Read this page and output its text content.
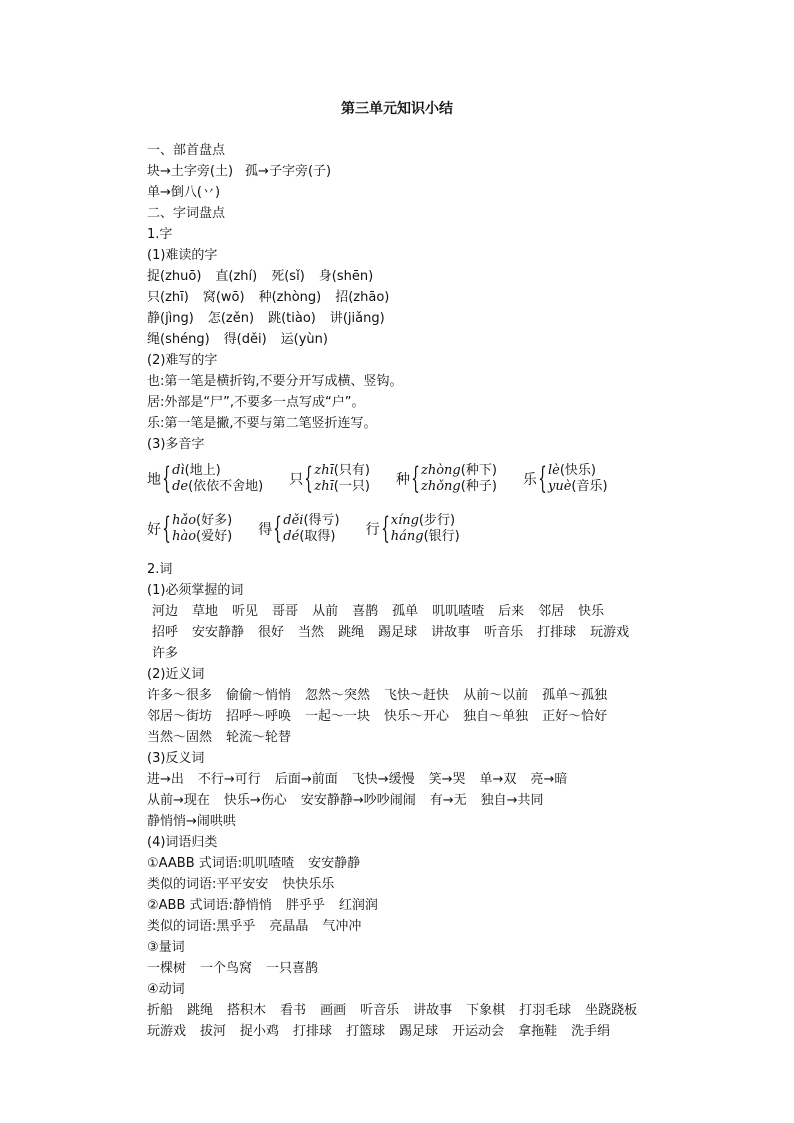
第三单元知识小结
一、部首盘点
块→土字旁(土) 孤→子字旁(子)
单→倒八(丷)
二、字词盘点
1.字
(1)难读的字
捉(zhuō) 直(zhí) 死(sǐ) 身(shēn)
只(zhī) 窝(wō) 种(zhòng) 招(zhāo)
静(jìng) 怎(zěn) 跳(tiào) 讲(jiǎng)
绳(shéng) 得(děi) 运(yùn)
(2)难写的字
也:第一笔是横折钩,不要分开写成横、竖钩。
居:外部是“尸”,不要多一点写成“户”。
乐:第一笔是撇,不要与第二笔竖折连写。
(3)多音字
地 { dì(地上)
de(依依不舍地) 只 { zhī(只有)
zhī(一只) 种 { zhòng(种下)
zhǒng(种子) 乐 { lè(快乐)
yuè(音乐)
好 { hǎo(好多)
hào(爱好) 得 { děi(得亏)
dé(取得) 行 { xíng(步行)
háng(银行)
2.词
(1)必须掌握的词
河边 草地 听见 哥哥 从前 喜鹊 孤单 叽叽喳喳 后来 邻居 快乐
招呼 安安静静 很好 当然 跳绳 踢足球 讲故事 听音乐 打排球 玩游戏
许多
(2)近义词
许多～很多 偷偷～悄悄 忽然～突然 飞快～赶快 从前～以前 孤单～孤独
邻居～街坊 招呼～呼唤 一起～一块 快乐～开心 独自～单独 正好～恰好
当然～固然 轮流～轮替
(3)反义词
进→出 不行→可行 后面→前面 飞快→缓慢 笑→哭 单→双 亮→暗
从前→现在 快乐→伤心 安安静静→吵吵闹闹 有→无 独自→共同
静悄悄→闹哄哄
(4)词语归类
①AABB 式词语:叽叽喳喳 安安静静
类似的词语:平平安安 快快乐乐
②ABB 式词语:静悄悄 胖乎乎 红润润
类似的词语:黑乎乎 亮晶晶 气冲冲
③量词
一棵树 一个鸟窝 一只喜鹊
④动词
折船 跳绳 搭积木 看书 画画 听音乐 讲故事 下象棋 打羽毛球 坐跷跷板
玩游戏 拔河 捉小鸡 打排球 打篮球 踢足球 开运动会 拿拖鞋 洗手绢
